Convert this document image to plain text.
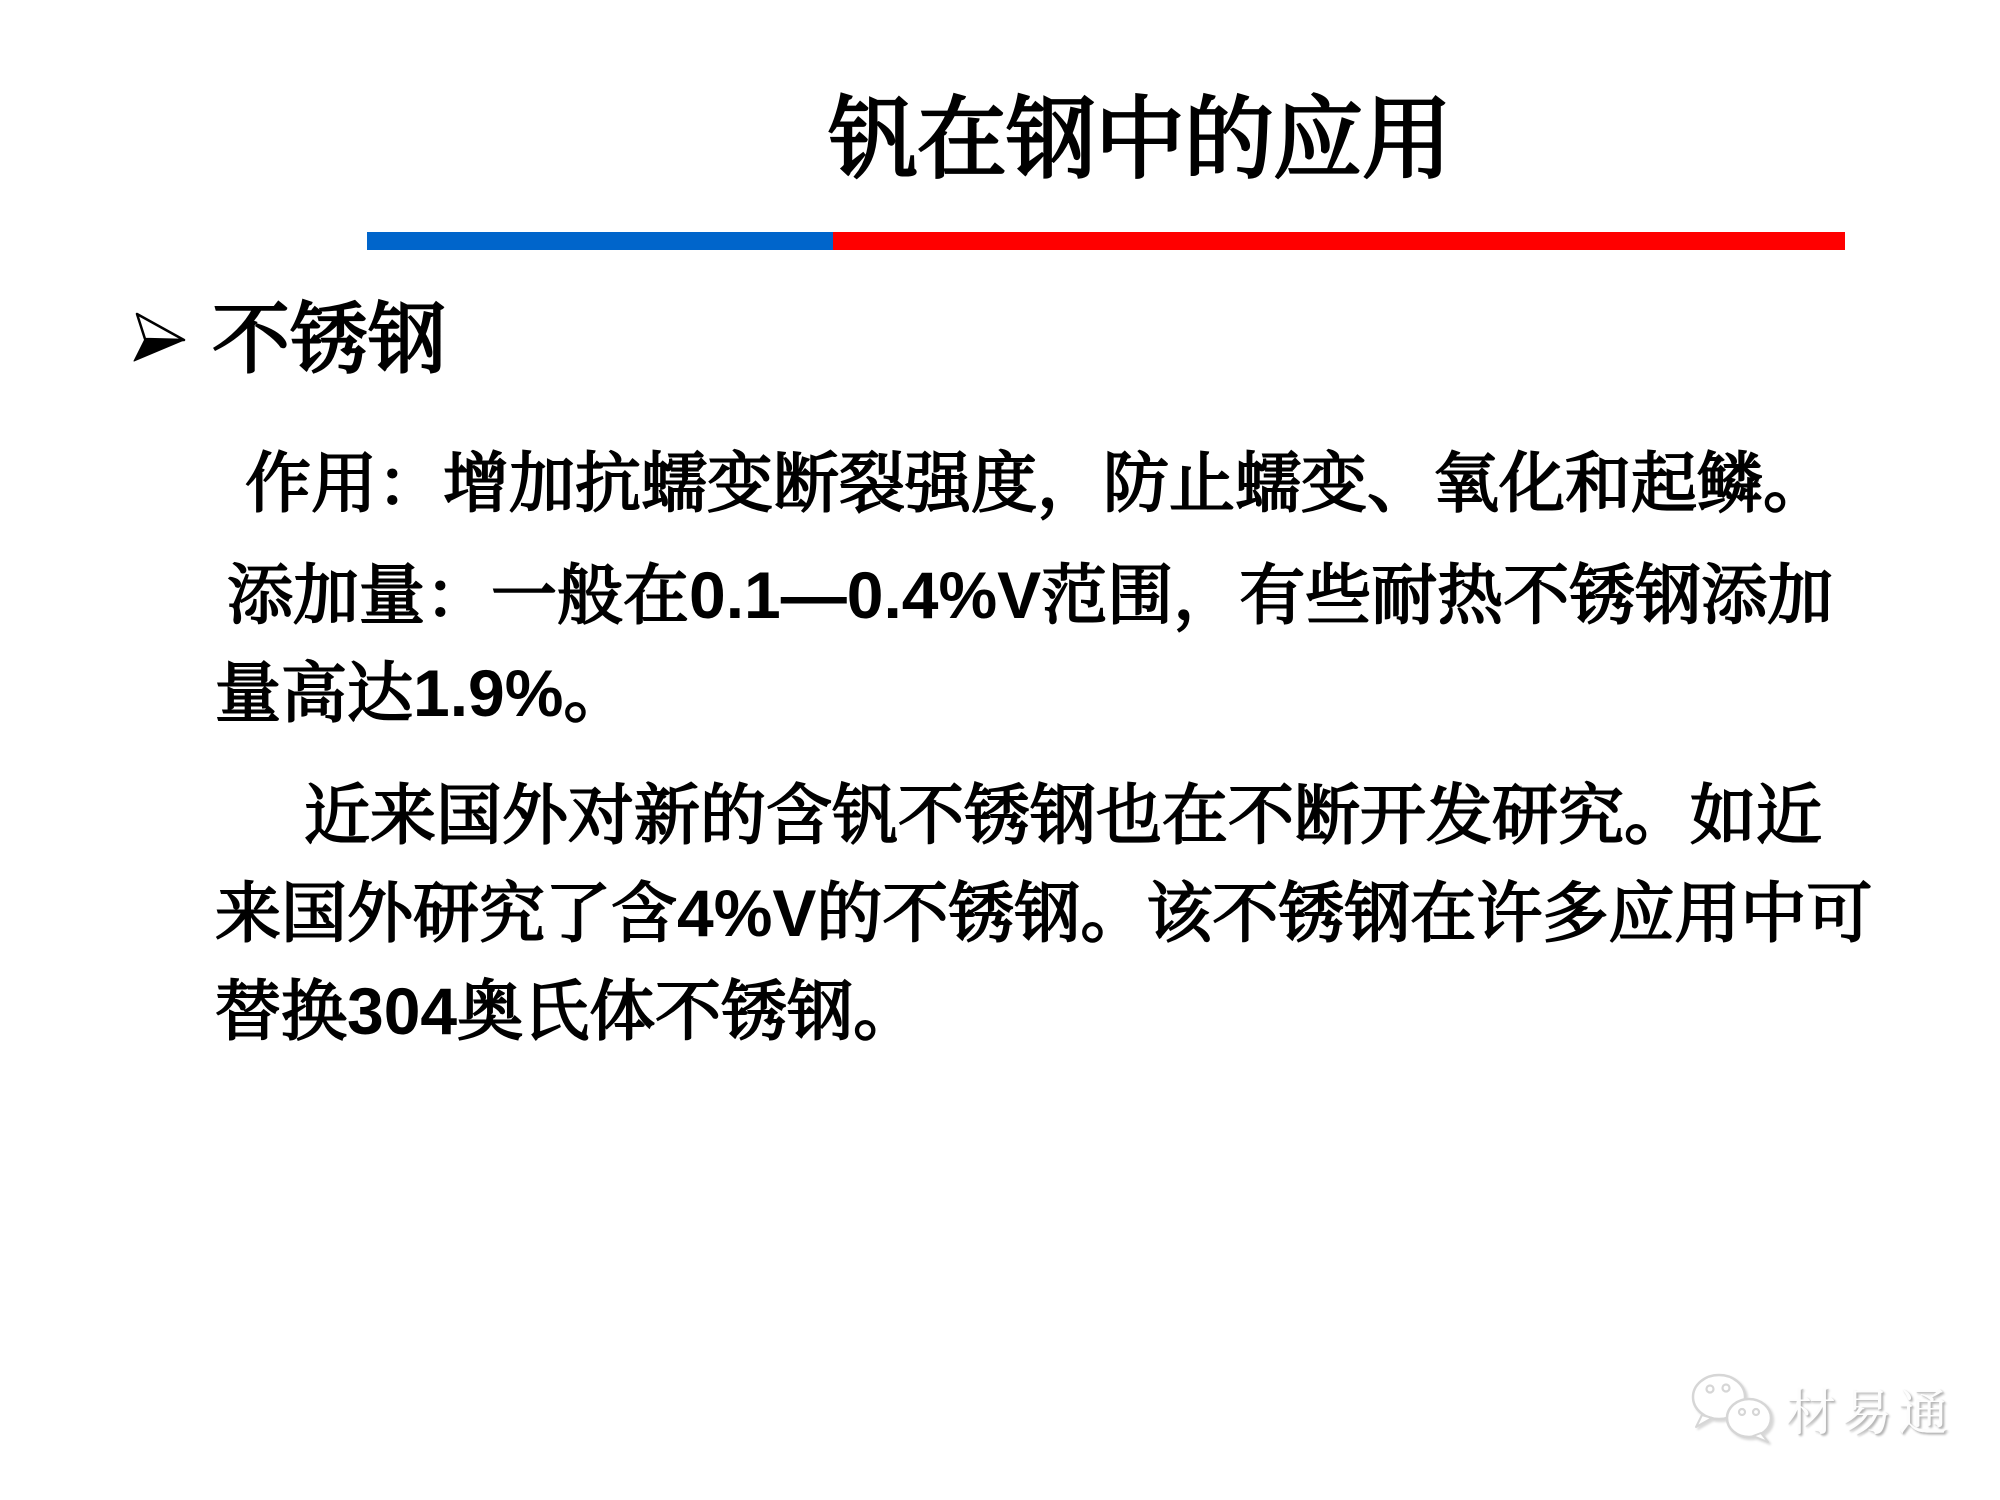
钒在钢中的应用
不锈钢
作用：增加抗蠕变断裂强度，防止蠕变、氧化和起鳞。
添加量：一般在0.1—0.4%V范围，有些耐热不锈钢添加
量高达1.9%。
近来国外对新的含钒不锈钢也在不断开发研究。如近
来国外研究了含4%V的不锈钢。该不锈钢在许多应用中可
替换304奥氏体不锈钢。
材易通
